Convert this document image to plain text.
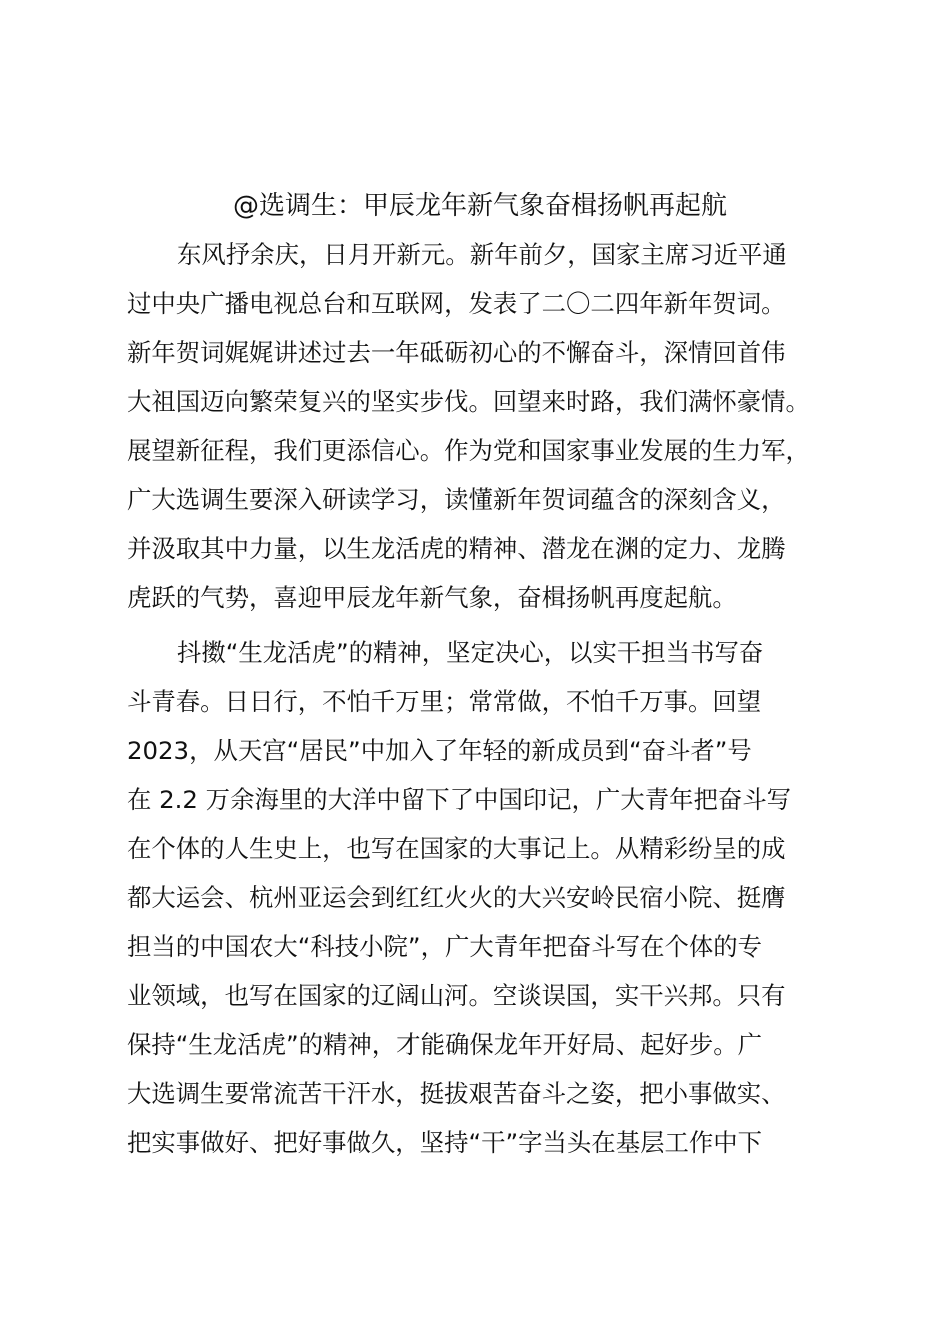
@选调生：甲辰龙年新气象奋楫扬帆再起航
东风抒余庆，日月开新元。新年前夕，国家主席习近平通
过中央广播电视总台和互联网，发表了二〇二四年新年贺词。
新年贺词娓娓讲述过去一年砥砺初心的不懈奋斗，深情回首伟
大祖国迈向繁荣复兴的坚实步伐。回望来时路，我们满怀豪情。
展望新征程，我们更添信心。作为党和国家事业发展的生力军，
广大选调生要深入研读学习，读懂新年贺词蕴含的深刻含义，
并汲取其中力量，以生龙活虎的精神、潜龙在渊的定力、龙腾
虎跃的气势，喜迎甲辰龙年新气象，奋楫扬帆再度起航。
抖擞“生龙活虎”的精神，坚定决心，以实干担当书写奋
斗青春。日日行，不怕千万里；常常做，不怕千万事。回望
2023，从天宫“居民”中加入了年轻的新成员到“奋斗者”号
在 2.2 万余海里的大洋中留下了中国印记，广大青年把奋斗写
在个体的人生史上，也写在国家的大事记上。从精彩纷呈的成
都大运会、杭州亚运会到红红火火的大兴安岭民宿小院、挺膺
担当的中国农大“科技小院”，广大青年把奋斗写在个体的专
业领域，也写在国家的辽阔山河。空谈误国，实干兴邦。只有
保持“生龙活虎”的精神，才能确保龙年开好局、起好步。广
大选调生要常流苦干汗水，挺拔艰苦奋斗之姿，把小事做实、
把实事做好、把好事做久，坚持“干”字当头在基层工作中下
